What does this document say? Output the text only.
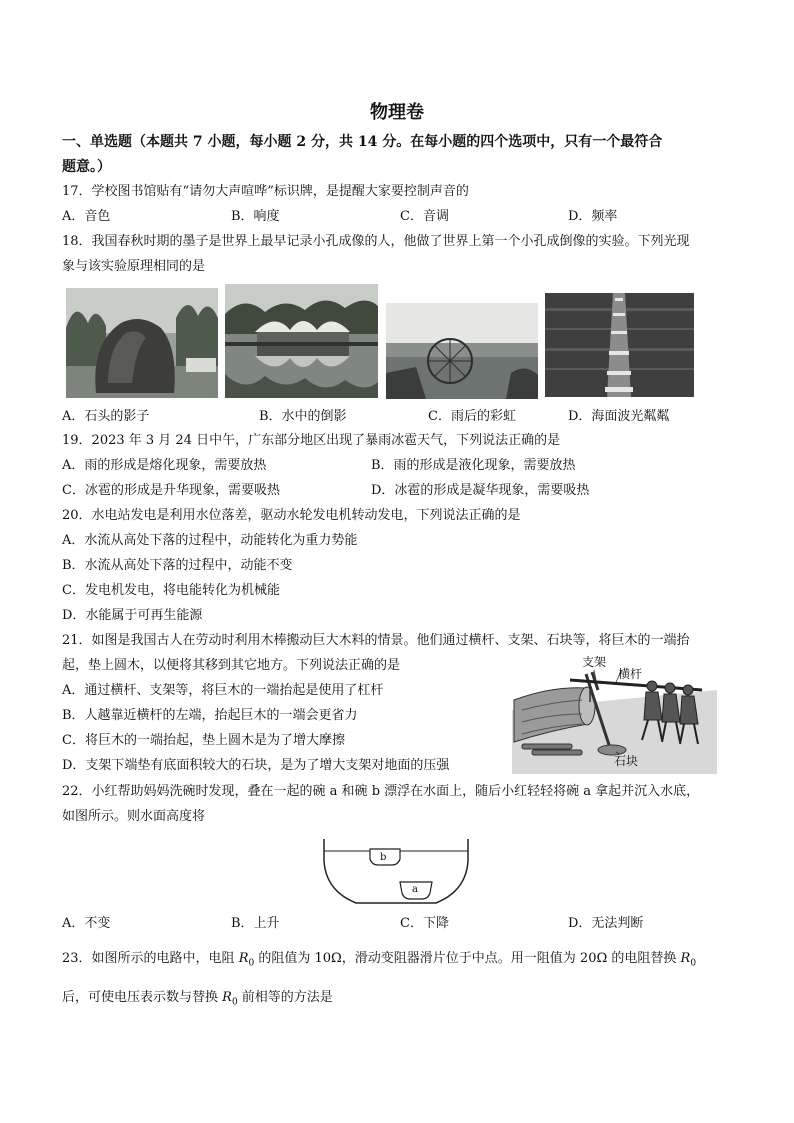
物理卷
一、单选题（本题共 7 小题，每小题 2 分，共 14 分。在每小题的四个选项中，只有一个最符合
题意。）
17．学校图书馆贴有“请勿大声喧哗”标识牌，是提醒大家要控制声音的
A．音色	B．响度	C．音调	D．频率
18．我国春秋时期的墨子是世界上最早记录小孔成像的人，他做了世界上第一个小孔成倒像的实验。下列光现
象与该实验原理相同的是
A．石头的影子	B．水中的倒影	C．雨后的彩虹	D．海面波光粼粼
19．2023 年 3 月 24 日中午，广东部分地区出现了暴雨冰雹天气，下列说法正确的是
A．雨的形成是熔化现象，需要放热	B．雨的形成是液化现象，需要放热
C．冰雹的形成是升华现象，需要吸热	D．冰雹的形成是凝华现象，需要吸热
20．水电站发电是利用水位落差，驱动水轮发电机转动发电，下列说法正确的是
A．水流从高处下落的过程中，动能转化为重力势能
B．水流从高处下落的过程中，动能不变
C．发电机发电，将电能转化为机械能
D．水能属于可再生能源
21．如图是我国古人在劳动时利用木棒搬动巨大木料的情景。他们通过横杆、支架、石块等，将巨木的一端抬
起，垫上圆木，以便将其移到其它地方。下列说法正确的是
A．通过横杆、支架等，将巨木的一端抬起是使用了杠杆
B．人越靠近横杆的左端，抬起巨木的一端会更省力
C．将巨木的一端抬起，垫上圆木是为了增大摩擦
D．支架下端垫有底面积较大的石块，是为了增大支架对地面的压强
支架
横杆
石块
22．小红帮助妈妈洗碗时发现，叠在一起的碗 a 和碗 b 漂浮在水面上，随后小红轻轻将碗 a 拿起并沉入水底，
如图所示。则水面高度将
b
a
A．不变	B．上升	C．下降	D．无法判断
23．如图所示的电路中，电阻 $R_0$ 的阻值为 10Ω，滑动变阻器滑片位于中点。用一阻值为 20Ω 的电阻替换 $R_0$
后，可使电压表示数与替换 $R_0$ 前相等的方法是
